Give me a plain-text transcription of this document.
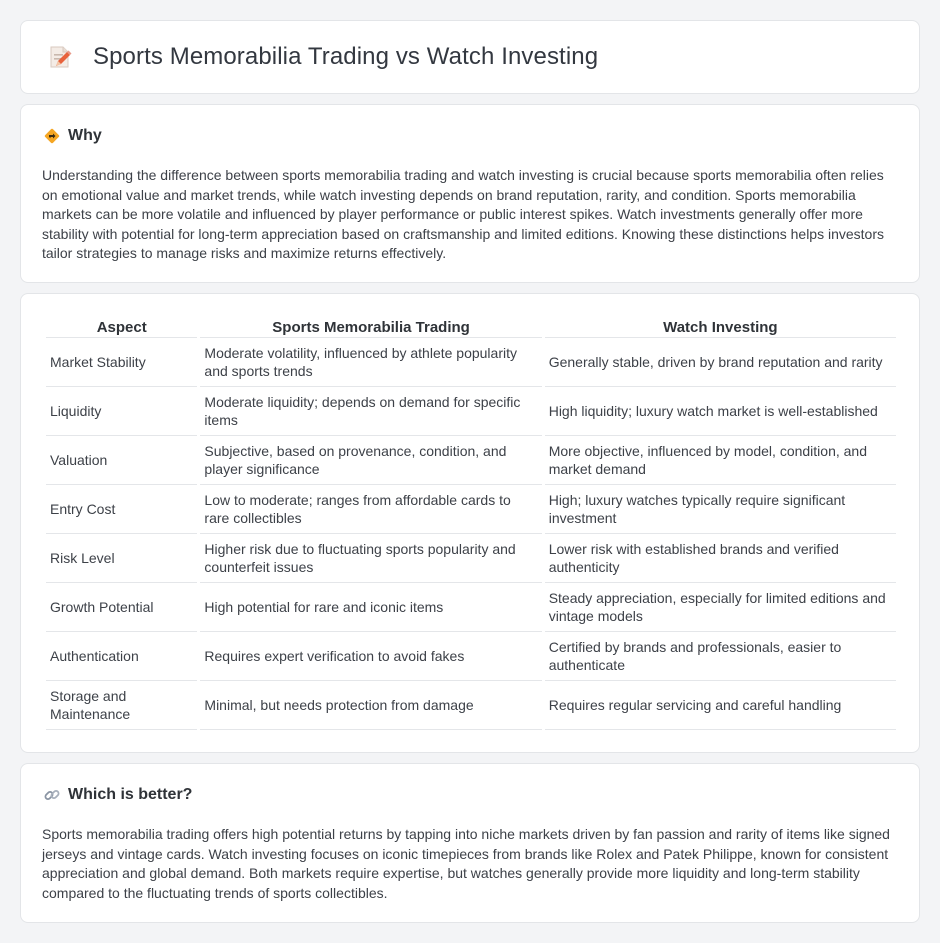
Sports Memorabilia Trading vs Watch Investing
Why

Understanding the difference between sports memorabilia trading and watch investing is crucial because sports memorabilia often relies on emotional value and market trends, while watch investing depends on brand reputation, rarity, and condition. Sports memorabilia markets can be more volatile and influenced by player performance or public interest spikes. Watch investments generally offer more stability with potential for long-term appreciation based on craftsmanship and limited editions. Knowing these distinctions helps investors tailor strategies to manage risks and maximize returns effectively.

Aspect	Sports Memorabilia Trading	Watch Investing
Market Stability	Moderate volatility, influenced by athlete popularity and sports trends	Generally stable, driven by brand reputation and rarity
Liquidity	Moderate liquidity; depends on demand for specific items	High liquidity; luxury watch market is well-established
Valuation	Subjective, based on provenance, condition, and player significance	More objective, influenced by model, condition, and market demand
Entry Cost	Low to moderate; ranges from affordable cards to rare collectibles	High; luxury watches typically require significant investment
Risk Level	Higher risk due to fluctuating sports popularity and counterfeit issues	Lower risk with established brands and verified authenticity
Growth Potential	High potential for rare and iconic items	Steady appreciation, especially for limited editions and vintage models
Authentication	Requires expert verification to avoid fakes	Certified by brands and professionals, easier to authenticate
Storage and Maintenance	Minimal, but needs protection from damage	Requires regular servicing and careful handling
Which is better?

Sports memorabilia trading offers high potential returns by tapping into niche markets driven by fan passion and rarity of items like signed jerseys and vintage cards. Watch investing focuses on iconic timepieces from brands like Rolex and Patek Philippe, known for consistent appreciation and global demand. Both markets require expertise, but watches generally provide more liquidity and long-term stability compared to the fluctuating trends of sports collectibles.
